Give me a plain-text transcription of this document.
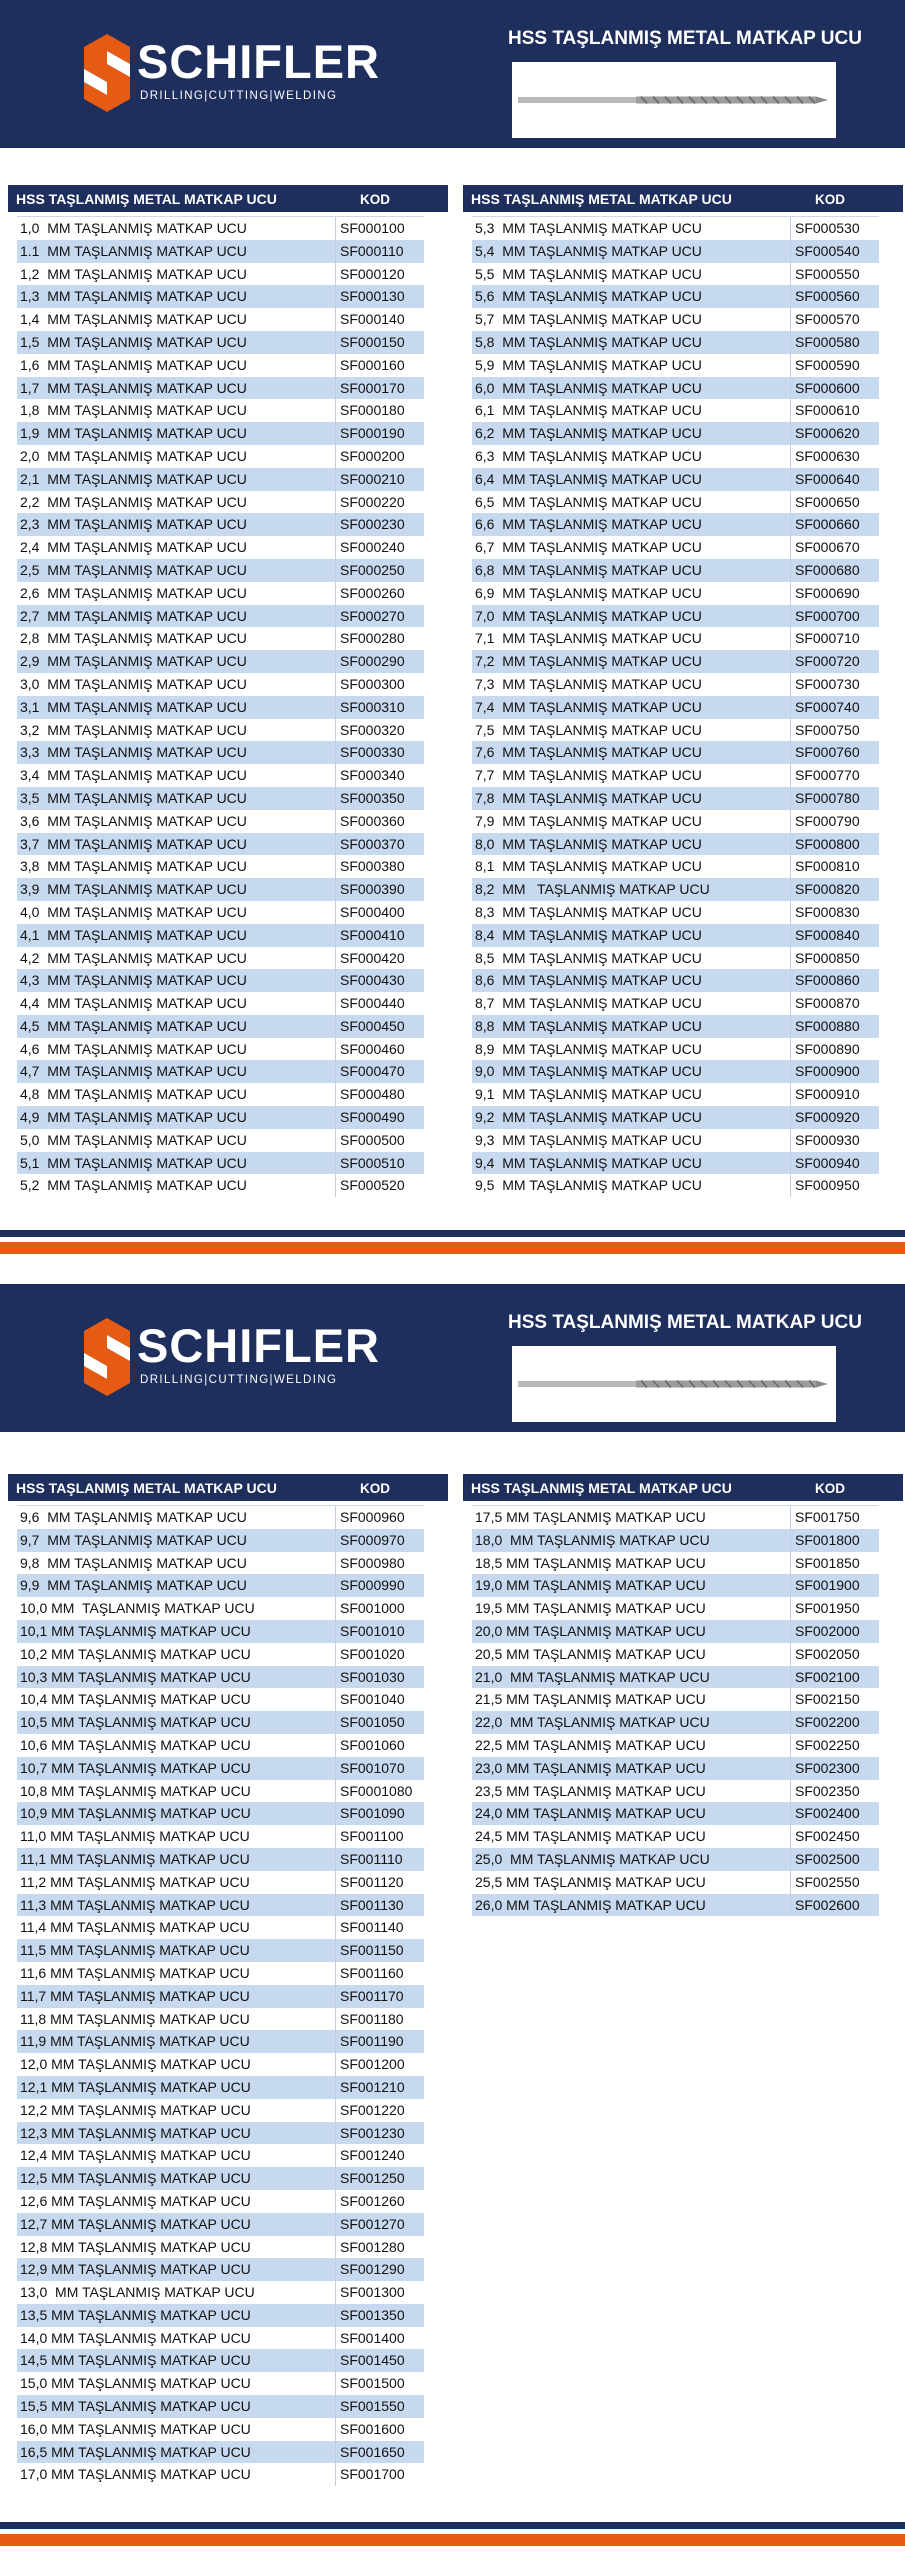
SCHIFLER
DRILLING|CUTTING|WELDING
HSS TAŞLANMIŞ METAL MATKAP UCU
HSS TAŞLANMIŞ METAL MATKAP UCU	KOD
1,0  MM TAŞLANMIŞ MATKAP UCU	SF000100
1.1  MM TAŞLANMIŞ MATKAP UCU	SF000110
1,2  MM TAŞLANMIŞ MATKAP UCU	SF000120
1,3  MM TAŞLANMIŞ MATKAP UCU	SF000130
1,4  MM TAŞLANMIŞ MATKAP UCU	SF000140
1,5  MM TAŞLANMIŞ MATKAP UCU	SF000150
1,6  MM TAŞLANMIŞ MATKAP UCU	SF000160
1,7  MM TAŞLANMIŞ MATKAP UCU	SF000170
1,8  MM TAŞLANMIŞ MATKAP UCU	SF000180
1,9  MM TAŞLANMIŞ MATKAP UCU	SF000190
2,0  MM TAŞLANMIŞ MATKAP UCU	SF000200
2,1  MM TAŞLANMIŞ MATKAP UCU	SF000210
2,2  MM TAŞLANMIŞ MATKAP UCU	SF000220
2,3  MM TAŞLANMIŞ MATKAP UCU	SF000230
2,4  MM TAŞLANMIŞ MATKAP UCU	SF000240
2,5  MM TAŞLANMIŞ MATKAP UCU	SF000250
2,6  MM TAŞLANMIŞ MATKAP UCU	SF000260
2,7  MM TAŞLANMIŞ MATKAP UCU	SF000270
2,8  MM TAŞLANMIŞ MATKAP UCU	SF000280
2,9  MM TAŞLANMIŞ MATKAP UCU	SF000290
3,0  MM TAŞLANMIŞ MATKAP UCU	SF000300
3,1  MM TAŞLANMIŞ MATKAP UCU	SF000310
3,2  MM TAŞLANMIŞ MATKAP UCU	SF000320
3,3  MM TAŞLANMIŞ MATKAP UCU	SF000330
3,4  MM TAŞLANMIŞ MATKAP UCU	SF000340
3,5  MM TAŞLANMIŞ MATKAP UCU	SF000350
3,6  MM TAŞLANMIŞ MATKAP UCU	SF000360
3,7  MM TAŞLANMIŞ MATKAP UCU	SF000370
3,8  MM TAŞLANMIŞ MATKAP UCU	SF000380
3,9  MM TAŞLANMIŞ MATKAP UCU	SF000390
4,0  MM TAŞLANMIŞ MATKAP UCU	SF000400
4,1  MM TAŞLANMIŞ MATKAP UCU	SF000410
4,2  MM TAŞLANMIŞ MATKAP UCU	SF000420
4,3  MM TAŞLANMIŞ MATKAP UCU	SF000430
4,4  MM TAŞLANMIŞ MATKAP UCU	SF000440
4,5  MM TAŞLANMIŞ MATKAP UCU	SF000450
4,6  MM TAŞLANMIŞ MATKAP UCU	SF000460
4,7  MM TAŞLANMIŞ MATKAP UCU	SF000470
4,8  MM TAŞLANMIŞ MATKAP UCU	SF000480
4,9  MM TAŞLANMIŞ MATKAP UCU	SF000490
5,0  MM TAŞLANMIŞ MATKAP UCU	SF000500
5,1  MM TAŞLANMIŞ MATKAP UCU	SF000510
5,2  MM TAŞLANMIŞ MATKAP UCU	SF000520
HSS TAŞLANMIŞ METAL MATKAP UCU	KOD
5,3  MM TAŞLANMIŞ MATKAP UCU	SF000530
5,4  MM TAŞLANMIŞ MATKAP UCU	SF000540
5,5  MM TAŞLANMIŞ MATKAP UCU	SF000550
5,6  MM TAŞLANMIŞ MATKAP UCU	SF000560
5,7  MM TAŞLANMIŞ MATKAP UCU	SF000570
5,8  MM TAŞLANMIŞ MATKAP UCU	SF000580
5,9  MM TAŞLANMIŞ MATKAP UCU	SF000590
6,0  MM TAŞLANMIŞ MATKAP UCU	SF000600
6,1  MM TAŞLANMIŞ MATKAP UCU	SF000610
6,2  MM TAŞLANMIŞ MATKAP UCU	SF000620
6,3  MM TAŞLANMIŞ MATKAP UCU	SF000630
6,4  MM TAŞLANMIŞ MATKAP UCU	SF000640
6,5  MM TAŞLANMIŞ MATKAP UCU	SF000650
6,6  MM TAŞLANMIŞ MATKAP UCU	SF000660
6,7  MM TAŞLANMIŞ MATKAP UCU	SF000670
6,8  MM TAŞLANMIŞ MATKAP UCU	SF000680
6,9  MM TAŞLANMIŞ MATKAP UCU	SF000690
7,0  MM TAŞLANMIŞ MATKAP UCU	SF000700
7,1  MM TAŞLANMIŞ MATKAP UCU	SF000710
7,2  MM TAŞLANMIŞ MATKAP UCU	SF000720
7,3  MM TAŞLANMIŞ MATKAP UCU	SF000730
7,4  MM TAŞLANMIŞ MATKAP UCU	SF000740
7,5  MM TAŞLANMIŞ MATKAP UCU	SF000750
7,6  MM TAŞLANMIŞ MATKAP UCU	SF000760
7,7  MM TAŞLANMIŞ MATKAP UCU	SF000770
7,8  MM TAŞLANMIŞ MATKAP UCU	SF000780
7,9  MM TAŞLANMIŞ MATKAP UCU	SF000790
8,0  MM TAŞLANMIŞ MATKAP UCU	SF000800
8,1  MM TAŞLANMIŞ MATKAP UCU	SF000810
8,2  MM   TAŞLANMIŞ MATKAP UCU	SF000820
8,3  MM TAŞLANMIŞ MATKAP UCU	SF000830
8,4  MM TAŞLANMIŞ MATKAP UCU	SF000840
8,5  MM TAŞLANMIŞ MATKAP UCU	SF000850
8,6  MM TAŞLANMIŞ MATKAP UCU	SF000860
8,7  MM TAŞLANMIŞ MATKAP UCU	SF000870
8,8  MM TAŞLANMIŞ MATKAP UCU	SF000880
8,9  MM TAŞLANMIŞ MATKAP UCU	SF000890
9,0  MM TAŞLANMIŞ MATKAP UCU	SF000900
9,1  MM TAŞLANMIŞ MATKAP UCU	SF000910
9,2  MM TAŞLANMIŞ MATKAP UCU	SF000920
9,3  MM TAŞLANMIŞ MATKAP UCU	SF000930
9,4  MM TAŞLANMIŞ MATKAP UCU	SF000940
9,5  MM TAŞLANMIŞ MATKAP UCU	SF000950
SCHIFLER
DRILLING|CUTTING|WELDING
HSS TAŞLANMIŞ METAL MATKAP UCU
HSS TAŞLANMIŞ METAL MATKAP UCU	KOD
9,6  MM TAŞLANMIŞ MATKAP UCU	SF000960
9,7  MM TAŞLANMIŞ MATKAP UCU	SF000970
9,8  MM TAŞLANMIŞ MATKAP UCU	SF000980
9,9  MM TAŞLANMIŞ MATKAP UCU	SF000990
10,0 MM  TAŞLANMIŞ MATKAP UCU	SF001000
10,1 MM TAŞLANMIŞ MATKAP UCU	SF001010
10,2 MM TAŞLANMIŞ MATKAP UCU	SF001020
10,3 MM TAŞLANMIŞ MATKAP UCU	SF001030
10,4 MM TAŞLANMIŞ MATKAP UCU	SF001040
10,5 MM TAŞLANMIŞ MATKAP UCU	SF001050
10,6 MM TAŞLANMIŞ MATKAP UCU	SF001060
10,7 MM TAŞLANMIŞ MATKAP UCU	SF001070
10,8 MM TAŞLANMIŞ MATKAP UCU	SF0001080
10,9 MM TAŞLANMIŞ MATKAP UCU	SF001090
11,0 MM TAŞLANMIŞ MATKAP UCU	SF001100
11,1 MM TAŞLANMIŞ MATKAP UCU	SF001110
11,2 MM TAŞLANMIŞ MATKAP UCU	SF001120
11,3 MM TAŞLANMIŞ MATKAP UCU	SF001130
11,4 MM TAŞLANMIŞ MATKAP UCU	SF001140
11,5 MM TAŞLANMIŞ MATKAP UCU	SF001150
11,6 MM TAŞLANMIŞ MATKAP UCU	SF001160
11,7 MM TAŞLANMIŞ MATKAP UCU	SF001170
11,8 MM TAŞLANMIŞ MATKAP UCU	SF001180
11,9 MM TAŞLANMIŞ MATKAP UCU	SF001190
12,0 MM TAŞLANMIŞ MATKAP UCU	SF001200
12,1 MM TAŞLANMIŞ MATKAP UCU	SF001210
12,2 MM TAŞLANMIŞ MATKAP UCU	SF001220
12,3 MM TAŞLANMIŞ MATKAP UCU	SF001230
12,4 MM TAŞLANMIŞ MATKAP UCU	SF001240
12,5 MM TAŞLANMIŞ MATKAP UCU	SF001250
12,6 MM TAŞLANMIŞ MATKAP UCU	SF001260
12,7 MM TAŞLANMIŞ MATKAP UCU	SF001270
12,8 MM TAŞLANMIŞ MATKAP UCU	SF001280
12,9 MM TAŞLANMIŞ MATKAP UCU	SF001290
13,0  MM TAŞLANMIŞ MATKAP UCU	SF001300
13,5 MM TAŞLANMIŞ MATKAP UCU	SF001350
14,0 MM TAŞLANMIŞ MATKAP UCU	SF001400
14,5 MM TAŞLANMIŞ MATKAP UCU	SF001450
15,0 MM TAŞLANMIŞ MATKAP UCU	SF001500
15,5 MM TAŞLANMIŞ MATKAP UCU	SF001550
16,0 MM TAŞLANMIŞ MATKAP UCU	SF001600
16,5 MM TAŞLANMIŞ MATKAP UCU	SF001650
17,0 MM TAŞLANMIŞ MATKAP UCU	SF001700
HSS TAŞLANMIŞ METAL MATKAP UCU	KOD
17,5 MM TAŞLANMIŞ MATKAP UCU	SF001750
18,0  MM TAŞLANMIŞ MATKAP UCU	SF001800
18,5 MM TAŞLANMIŞ MATKAP UCU	SF001850
19,0 MM TAŞLANMIŞ MATKAP UCU	SF001900
19,5 MM TAŞLANMIŞ MATKAP UCU	SF001950
20,0 MM TAŞLANMIŞ MATKAP UCU	SF002000
20,5 MM TAŞLANMIŞ MATKAP UCU	SF002050
21,0  MM TAŞLANMIŞ MATKAP UCU	SF002100
21,5 MM TAŞLANMIŞ MATKAP UCU	SF002150
22,0  MM TAŞLANMIŞ MATKAP UCU	SF002200
22,5 MM TAŞLANMIŞ MATKAP UCU	SF002250
23,0 MM TAŞLANMIŞ MATKAP UCU	SF002300
23,5 MM TAŞLANMIŞ MATKAP UCU	SF002350
24,0 MM TAŞLANMIŞ MATKAP UCU	SF002400
24,5 MM TAŞLANMIŞ MATKAP UCU	SF002450
25,0  MM TAŞLANMIŞ MATKAP UCU	SF002500
25,5 MM TAŞLANMIŞ MATKAP UCU	SF002550
26,0 MM TAŞLANMIŞ MATKAP UCU	SF002600
